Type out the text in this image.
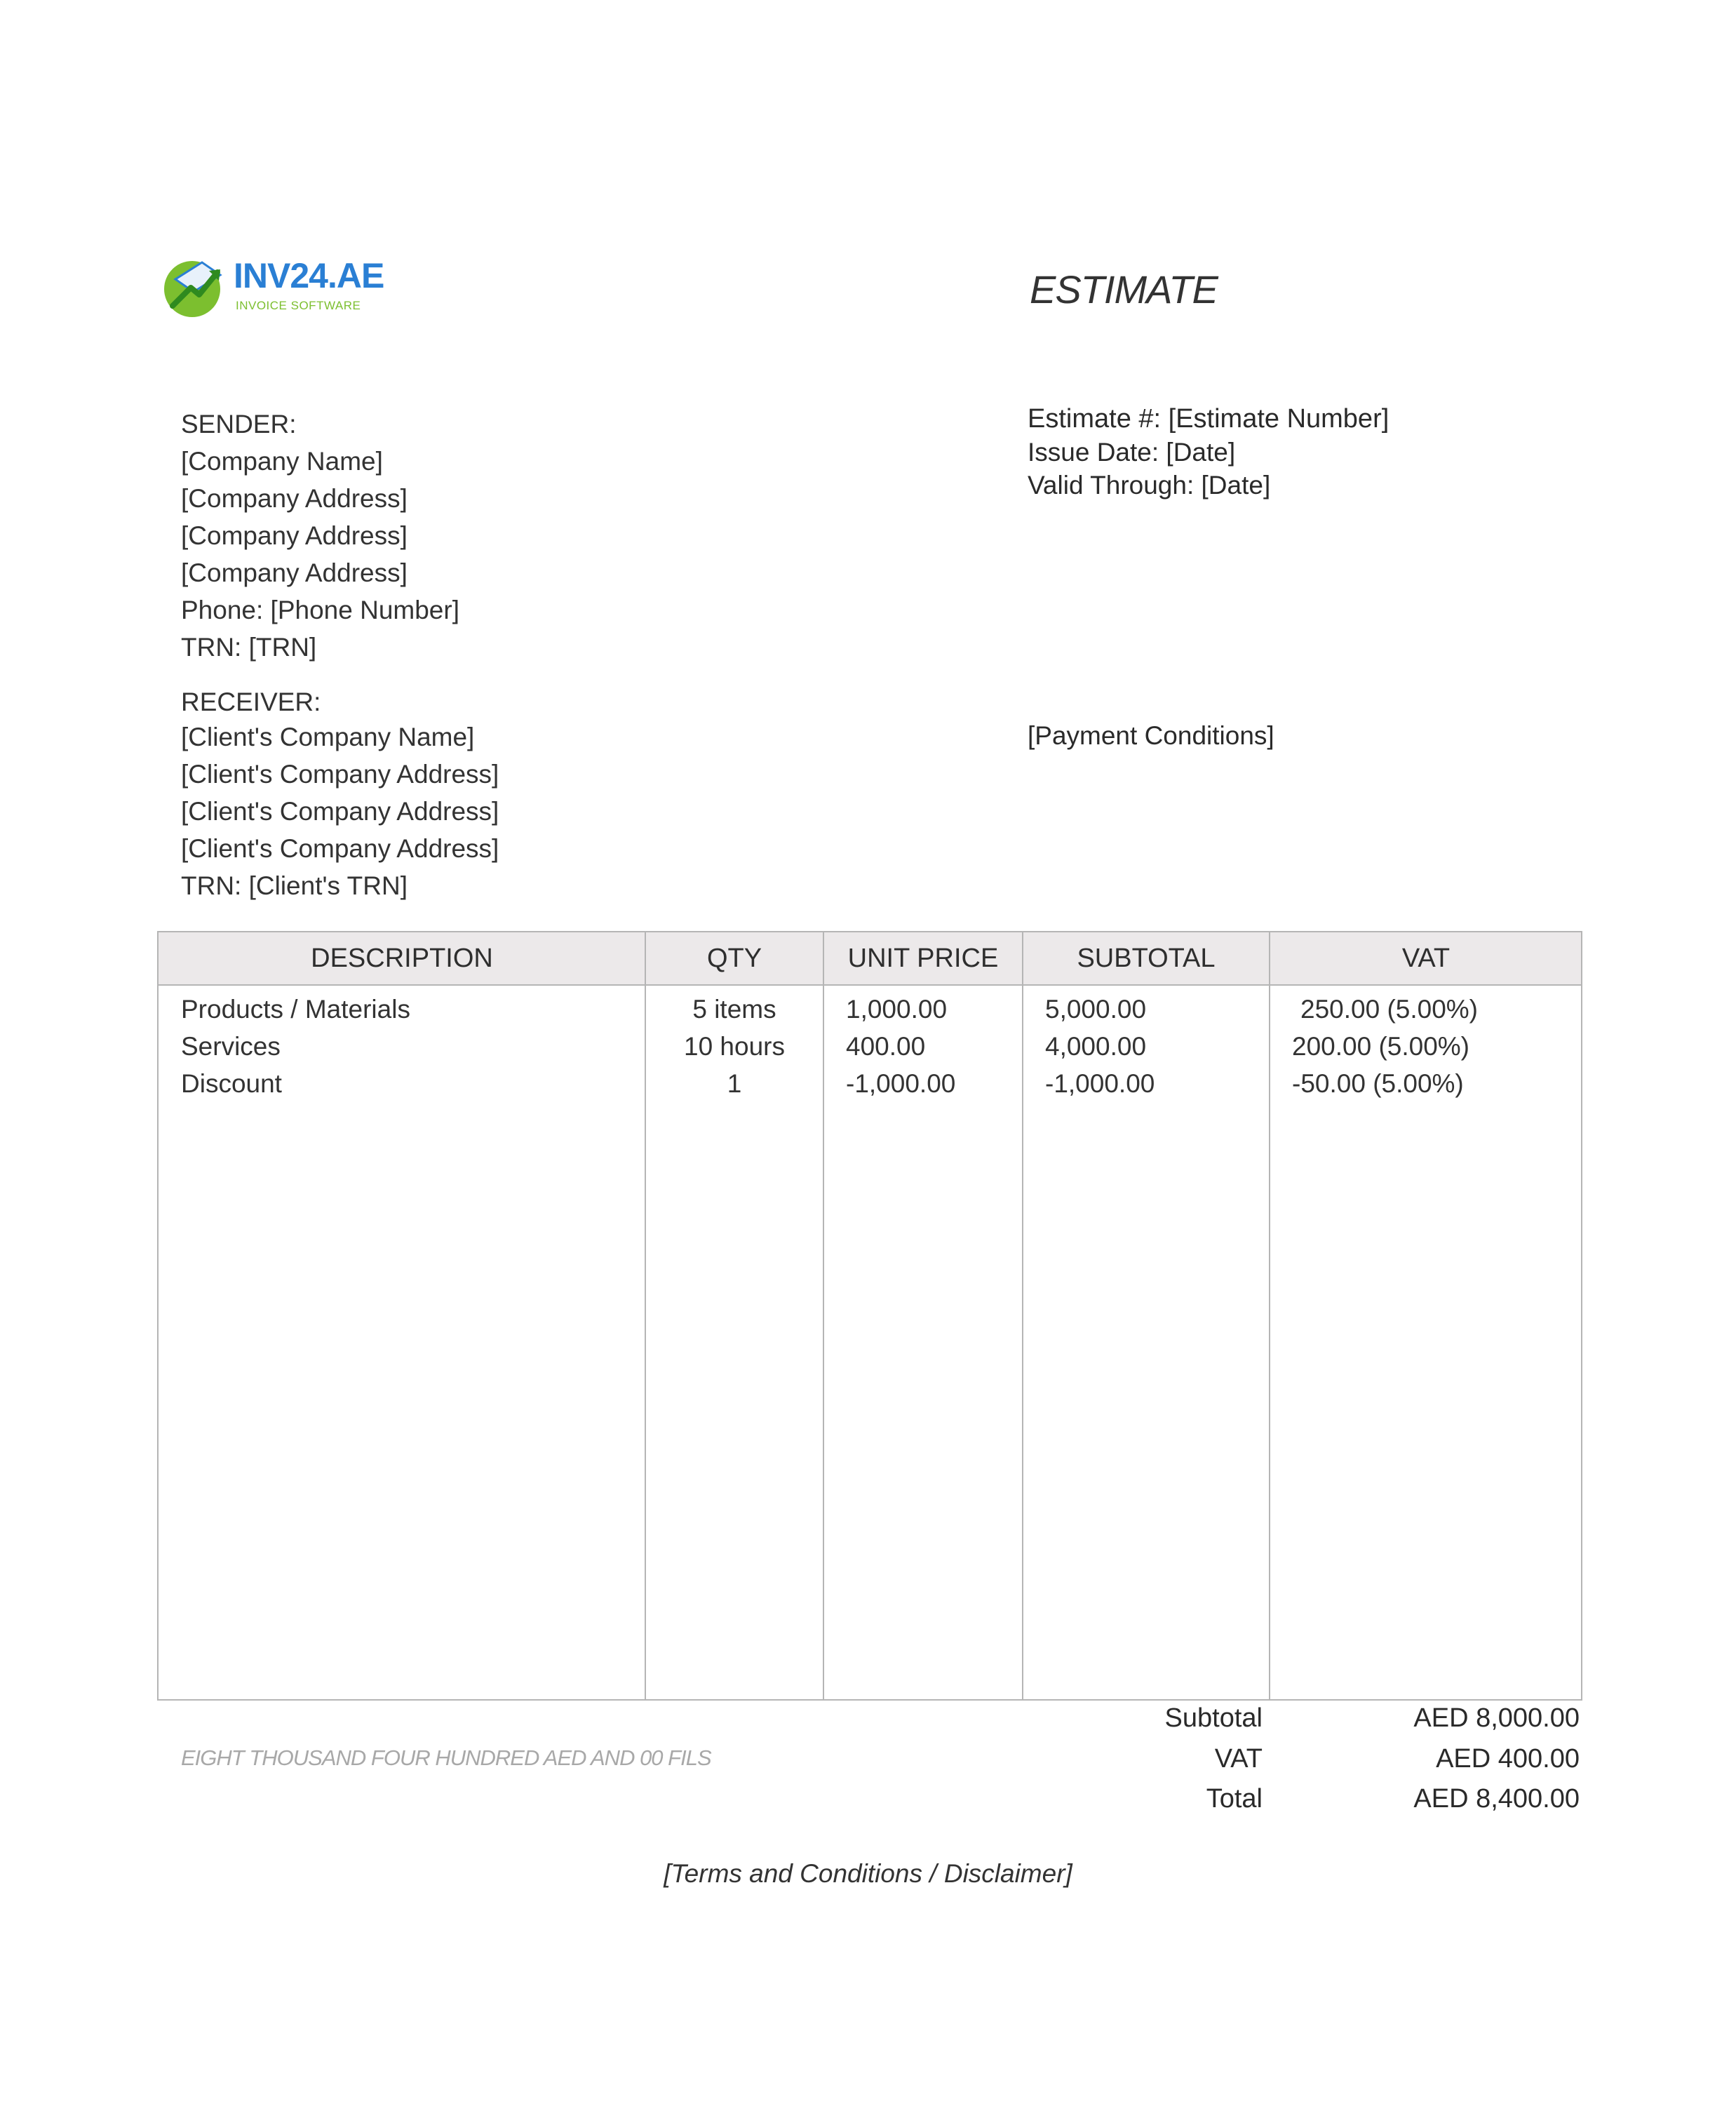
INV24.AE
INVOICE SOFTWARE	ESTIMATE
SENDER:
[Company Name]
[Company Address]
[Company Address]
[Company Address]
Phone: [Phone Number]
TRN: [TRN]
RECEIVER:
[Client's Company Name]
[Client's Company Address]
[Client's Company Address]
[Client's Company Address]
TRN: [Client's TRN]
Estimate #: [Estimate Number]
Issue Date: [Date]
Valid Through: [Date]
[Payment Conditions]
DESCRIPTION	QTY	UNIT PRICE	SUBTOTAL	VAT
Products / Materials	5 items	1,000.00	5,000.00	250.00 (5.00%)
Services	10 hours	400.00	4,000.00	200.00 (5.00%)
Discount	1	-1,000.00	-1,000.00	-50.00 (5.00%)
Subtotal	AED 8,000.00
VAT	AED 400.00
Total	AED 8,400.00
EIGHT THOUSAND FOUR HUNDRED AED AND 00 FILS
[Terms and Conditions / Disclaimer]
